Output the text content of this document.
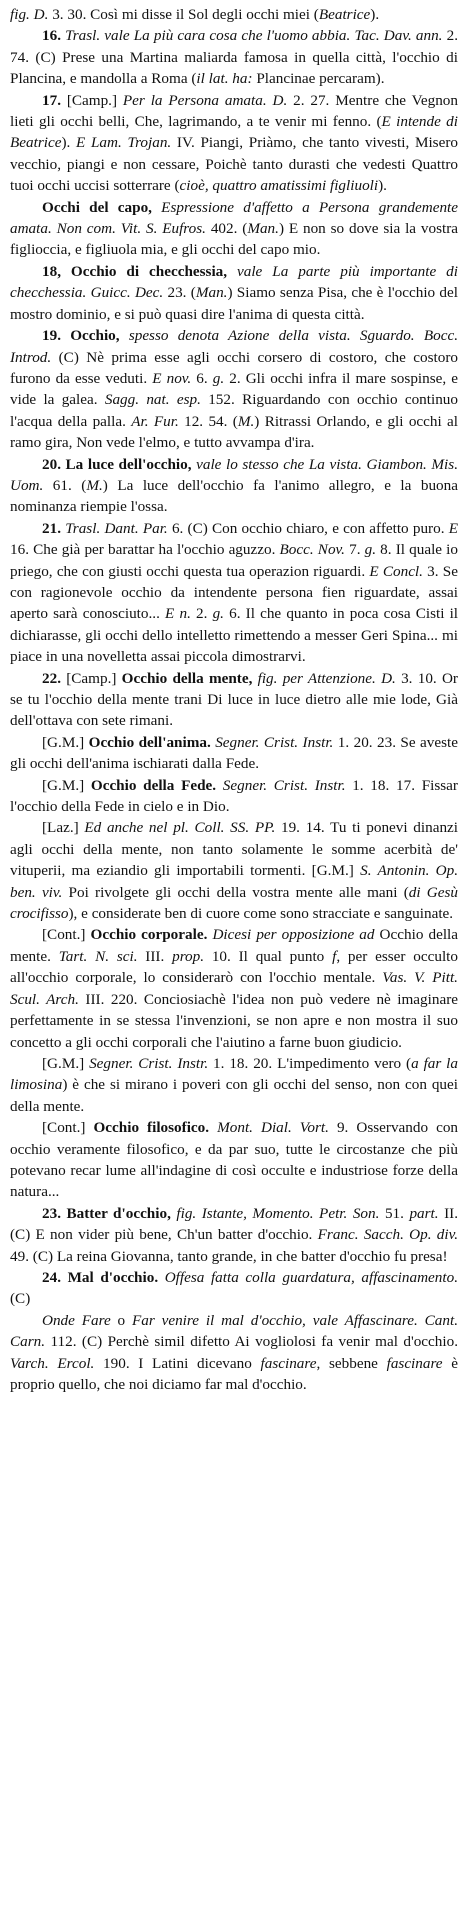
fig. D. 3. 30. Così mi disse il Sol degli occhi miei (Beatrice).

16. Trasl. vale La più cara cosa che l'uomo abbia. Tac. Dav. ann. 2. 74. (C) Prese una Martina maliarda famosa in quella città, l'occhio di Plancina, e mandolla a Roma (il lat. ha: Plancinae percaram).

17. [Camp.] Per la Persona amata. D. 2. 27. Mentre che Vegnon lieti gli occhi belli, Che, lagrimando, a te venir mi fenno. (E intende di Beatrice). E Lam. Trojan. IV. Piangi, Priàmo, che tanto vivesti, Misero vecchio, piangi e non cessare, Poichè tanto durasti che vedesti Quattro tuoi occhi uccisi sotterrare (cioè, quattro amatissimi figliuoli).

Occhi del capo, Espressione d'affetto a Persona grandemente amata. Non com. Vit. S. Eufros. 402. (Man.) E non so dove sia la vostra figlioccia, e figliuola mia, e gli occhi del capo mio.

18, Occhio di checchessia, vale La parte più importante di checchessia. Guicc. Dec. 23. (Man.) Siamo senza Pisa, che è l'occhio del mostro dominio, e si può quasi dire l'anima di questa città.

19. Occhio, spesso denota Azione della vista. Sguardo. Bocc. Introd. (C) Nè prima esse agli occhi corsero di costoro, che costoro furono da esse veduti. E nov. 6. g. 2. Gli occhi infra il mare sospinse, e vide la galea. Sagg. nat. esp. 152. Riguardando con occhio continuo l'acqua della palla. Ar. Fur. 12. 54. (M.) Ritrassi Orlando, e gli occhi al ramo gira, Non vede l'elmo, e tutto avvampa d'ira.

20. La luce dell'occhio, vale lo stesso che La vista. Giambon. Mis. Uom. 61. (M.) La luce dell'occhio fa l'animo allegro, e la buona nominanza riempie l'ossa.

21. Trasl. Dant. Par. 6. (C) Con occhio chiaro, e con affetto puro. E 16. Che già per barattar ha l'occhio aguzzo. Bocc. Nov. 7. g. 8. Il quale io priego, che con giusti occhi questa tua operazion riguardi. E Concl. 3. Se con ragionevole occhio da intendente persona fien riguardate, assai aperto sarà conosciuto... E n. 2. g. 6. Il che quanto in poca cosa Cisti il dichiarasse, gli occhi dello intelletto rimettendo a messer Geri Spina... mi piace in una novelletta assai piccola dimostrarvi.

22. [Camp.] Occhio della mente, fig. per Attenzione. D. 3. 10. Or se tu l'occhio della mente trani Di luce in luce dietro alle mie lode, Già dell'ottava con sete rimani.

[G.M.] Occhio dell'anima. Segner. Crist. Instr. 1. 20. 23. Se aveste gli occhi dell'anima ischiarati dalla Fede.

[G.M.] Occhio della Fede. Segner. Crist. Instr. 1. 18. 17. Fissar l'occhio della Fede in cielo e in Dio.

[Laz.] Ed anche nel pl. Coll. SS. PP. 19. 14. Tu ti ponevi dinanzi agli occhi della mente, non tanto solamente le somme acerbità de' vituperii, ma eziandio gli importabili tormenti. [G.M.] S. Antonin. Op. ben. viv. Poi rivolgete gli occhi della vostra mente alle mani (di Gesù crocifisso), e considerate ben di cuore come sono stracciate e sanguinate.

[Cont.] Occhio corporale. Dicesi per opposizione ad Occhio della mente. Tart. N. sci. III. prop. 10. Il qual punto f, per esser occulto all'occhio corporale, lo considerarò con l'occhio mentale. Vas. V. Pitt. Scul. Arch. III. 220. Conciosiachè l'idea non può vedere nè imaginare perfettamente in se stessa l'invenzioni, se non apre e non mostra il suo concetto a gli occhi corporali che l'aiutino a farne buon giudicio.

[G.M.] Segner. Crist. Instr. 1. 18. 20. L'impedimento vero (a far la limosina) è che si mirano i poveri con gli occhi del senso, non con quei della mente.

[Cont.] Occhio filosofico. Mont. Dial. Vort. 9. Osservando con occhio veramente filosofico, e da par suo, tutte le circostanze che più potevano recar lume all'indagine di così occulte e industriose forze della natura...

23. Batter d'occhio, fig. Istante, Momento. Petr. Son. 51. part. II. (C) E non vider più bene, Ch'un batter d'occhio. Franc. Sacch. Op. div. 49. (C) La reina Giovanna, tanto grande, in che batter d'occhio fu presa!

24. Mal d'occhio. Offesa fatta colla guardatura, affascinamento. (C)

Onde Fare o Far venire il mal d'occhio, vale Affascinare. Cant. Carn. 112. (C) Perchè simil difetto Ai vogliolosi fa venir mal d'occhio. Varch. Ercol. 190. I Latini dicevano fascinare, sebbene fascinare è proprio quello, che noi diciamo far mal d'occhio.
